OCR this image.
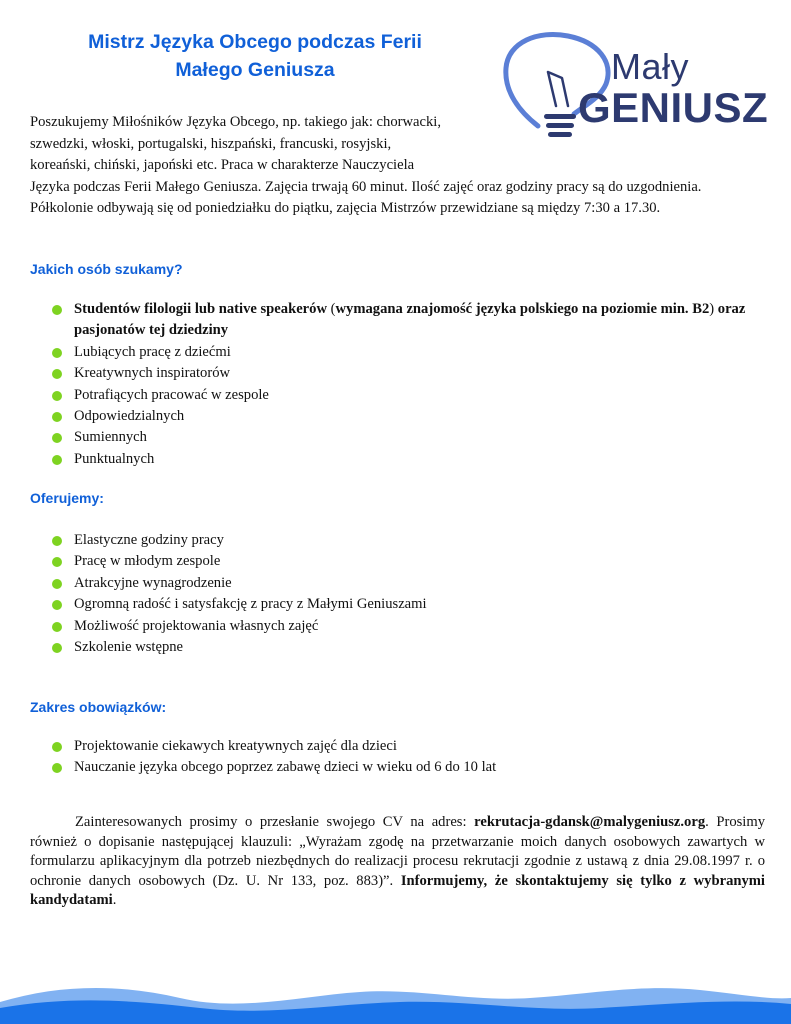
Mistrz Języka Obcego podczas Ferii
Małego Geniusza	Mały
GENIUSZ

Poszukujemy Miłośników Języka Obcego, np. takiego jak: chorwacki,

szwedzki, włoski, portugalski, hiszpański, francuski, rosyjski,

koreański, chiński, japoński etc. Praca w charakterze Nauczyciela

Języka podczas Ferii Małego Geniusza. Zajęcia trwają 60 minut. Ilość zajęć oraz godziny pracy są do uzgodnienia. Półkolonie odbywają się od poniedziałku do piątku, zajęcia Mistrzów przewidziane są między 7:30 a 17.30.

Jakich osób szukamy?
Studentów filologii lub native speakerów (wymagana znajomość języka polskiego na poziomie min. B2) oraz pasjonatów tej dziedziny
Lubiących pracę z dziećmi
Kreatywnych inspiratorów
Potrafiących pracować w zespole
Odpowiedzialnych
Sumiennych
Punktualnych
Oferujemy:
Elastyczne godziny pracy
Pracę w młodym zespole
Atrakcyjne wynagrodzenie
Ogromną radość i satysfakcję z pracy z Małymi Geniuszami
Możliwość projektowania własnych zajęć
Szkolenie wstępne
Zakres obowiązków:
Projektowanie ciekawych kreatywnych zajęć dla dzieci
Nauczanie języka obcego poprzez zabawę dzieci w wieku od 6 do 10 lat

Zainteresowanych prosimy o przesłanie swojego CV na adres: rekrutacja-gdansk@malygeniusz.org. Prosimy również o dopisanie następującej klauzuli: „Wyrażam zgodę na przetwarzanie moich danych osobowych zawartych w formularzu aplikacyjnym dla potrzeb niezbędnych do realizacji procesu rekrutacji zgodnie z ustawą z dnia 29.08.1997 r. o ochronie danych osobowych (Dz. U. Nr 133, poz. 883)”. Informujemy, że skontaktujemy się tylko z wybranymi kandydatami.
